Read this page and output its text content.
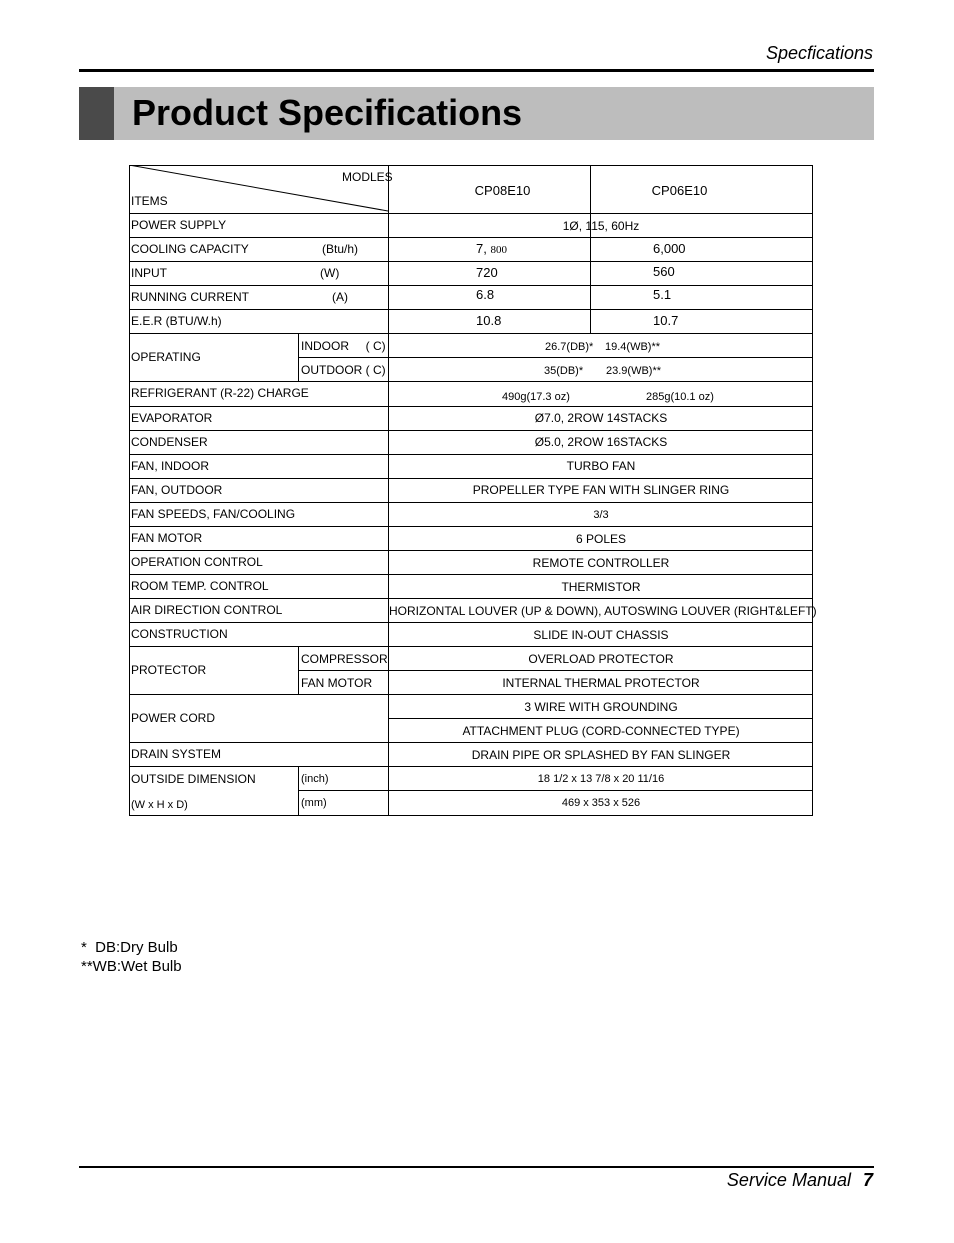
Specfications
Product Specifications
MODLES
ITEMS
CP08E10	CP06E10
POWER SUPPLY	1Ø, 115, 60Hz
COOLING CAPACITY	(Btu/h)	7, 800	6,000
INPUT	(W)	720	560
RUNNING CURRENT	(A)	6.8	5.1
E.E.R (BTU/W.h)	10.8	10.7
OPERATING
INDOOR     ( C)	26.7(DB)* 19.4(WB)**
OUTDOOR ( C)	35(DB)* 23.9(WB)**
REFRIGERANT (R-22) CHARGE	490g(17.3 oz)	285g(10.1 oz)
EVAPORATOR	Ø7.0, 2ROW 14STACKS
CONDENSER	Ø5.0, 2ROW 16STACKS
FAN, INDOOR	TURBO FAN
FAN, OUTDOOR	PROPELLER TYPE FAN WITH SLINGER RING
FAN SPEEDS, FAN/COOLING	3/3
FAN MOTOR	6 POLES
OPERATION CONTROL	REMOTE CONTROLLER
ROOM TEMP. CONTROL	THERMISTOR
AIR DIRECTION CONTROL	HORIZONTAL LOUVER (UP & DOWN), AUTOSWING LOUVER (RIGHT&LEFT)
CONSTRUCTION	SLIDE IN-OUT CHASSIS
PROTECTOR
COMPRESSOR	OVERLOAD PROTECTOR
FAN MOTOR	INTERNAL THERMAL PROTECTOR
POWER CORD
3 WIRE WITH GROUNDING
ATTACHMENT PLUG (CORD-CONNECTED TYPE)
DRAIN SYSTEM	DRAIN PIPE OR SPLASHED BY FAN SLINGER
OUTSIDE DIMENSION
(W x H x D)
(inch)	18 1/2 x 13 7/8 x 20 11/16
(mm)	469 x 353 x 526
*  DB:Dry Bulb
**WB:Wet Bulb
Service Manual 7
